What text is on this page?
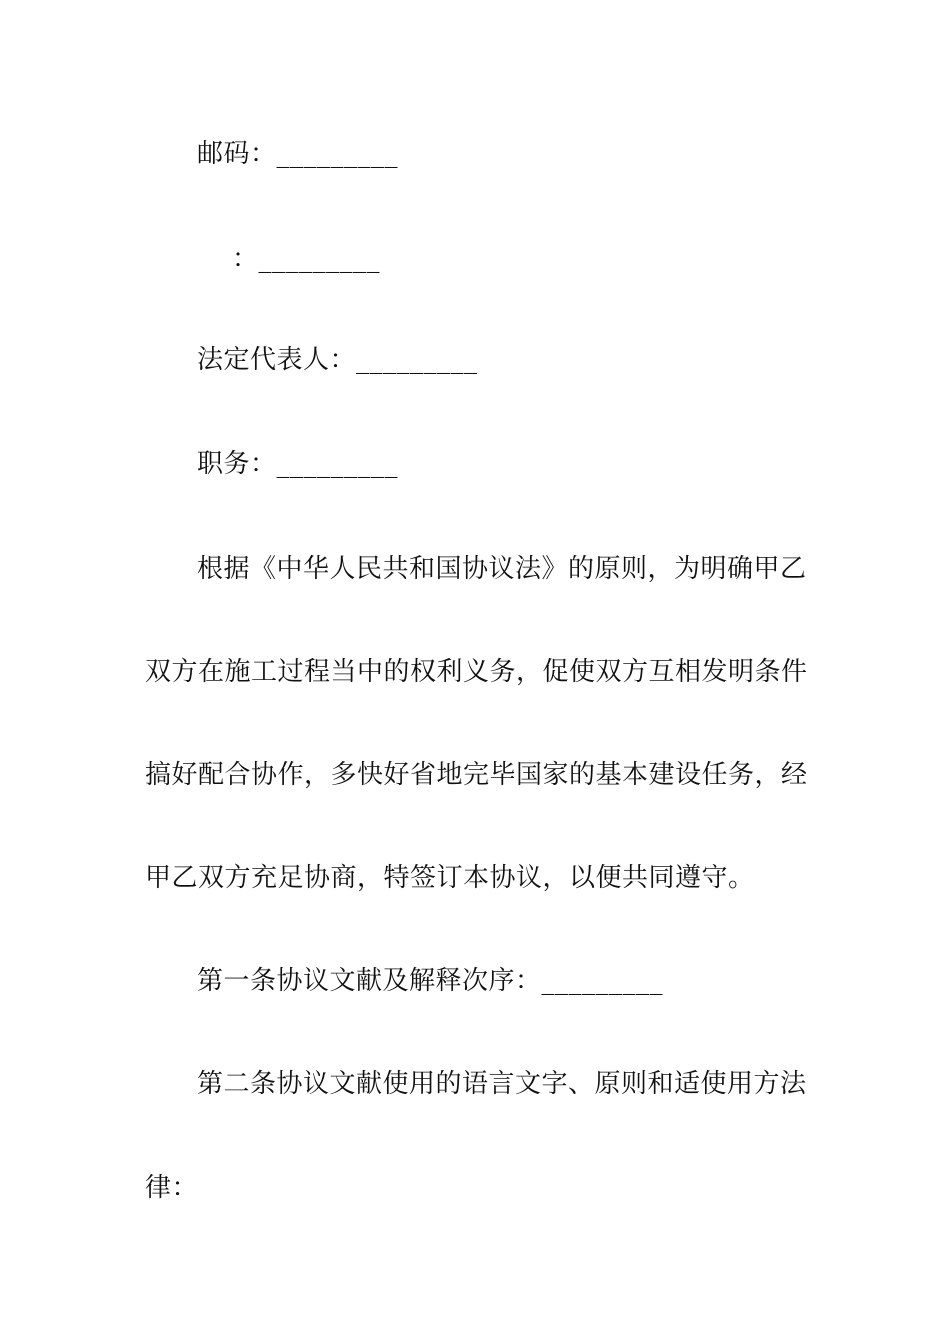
邮码：_________
：_________
法定代表人：_________
职务：_________
根据《中华人民共和国协议法》的原则，为明确甲乙
双方在施工过程当中的权利义务，促使双方互相发明条件
搞好配合协作，多快好省地完毕国家的基本建设任务，经
甲乙双方充足协商，特签订本协议，以便共同遵守。
第一条协议文献及解释次序：_________
第二条协议文献使用的语言文字、原则和适使用方法
律：
